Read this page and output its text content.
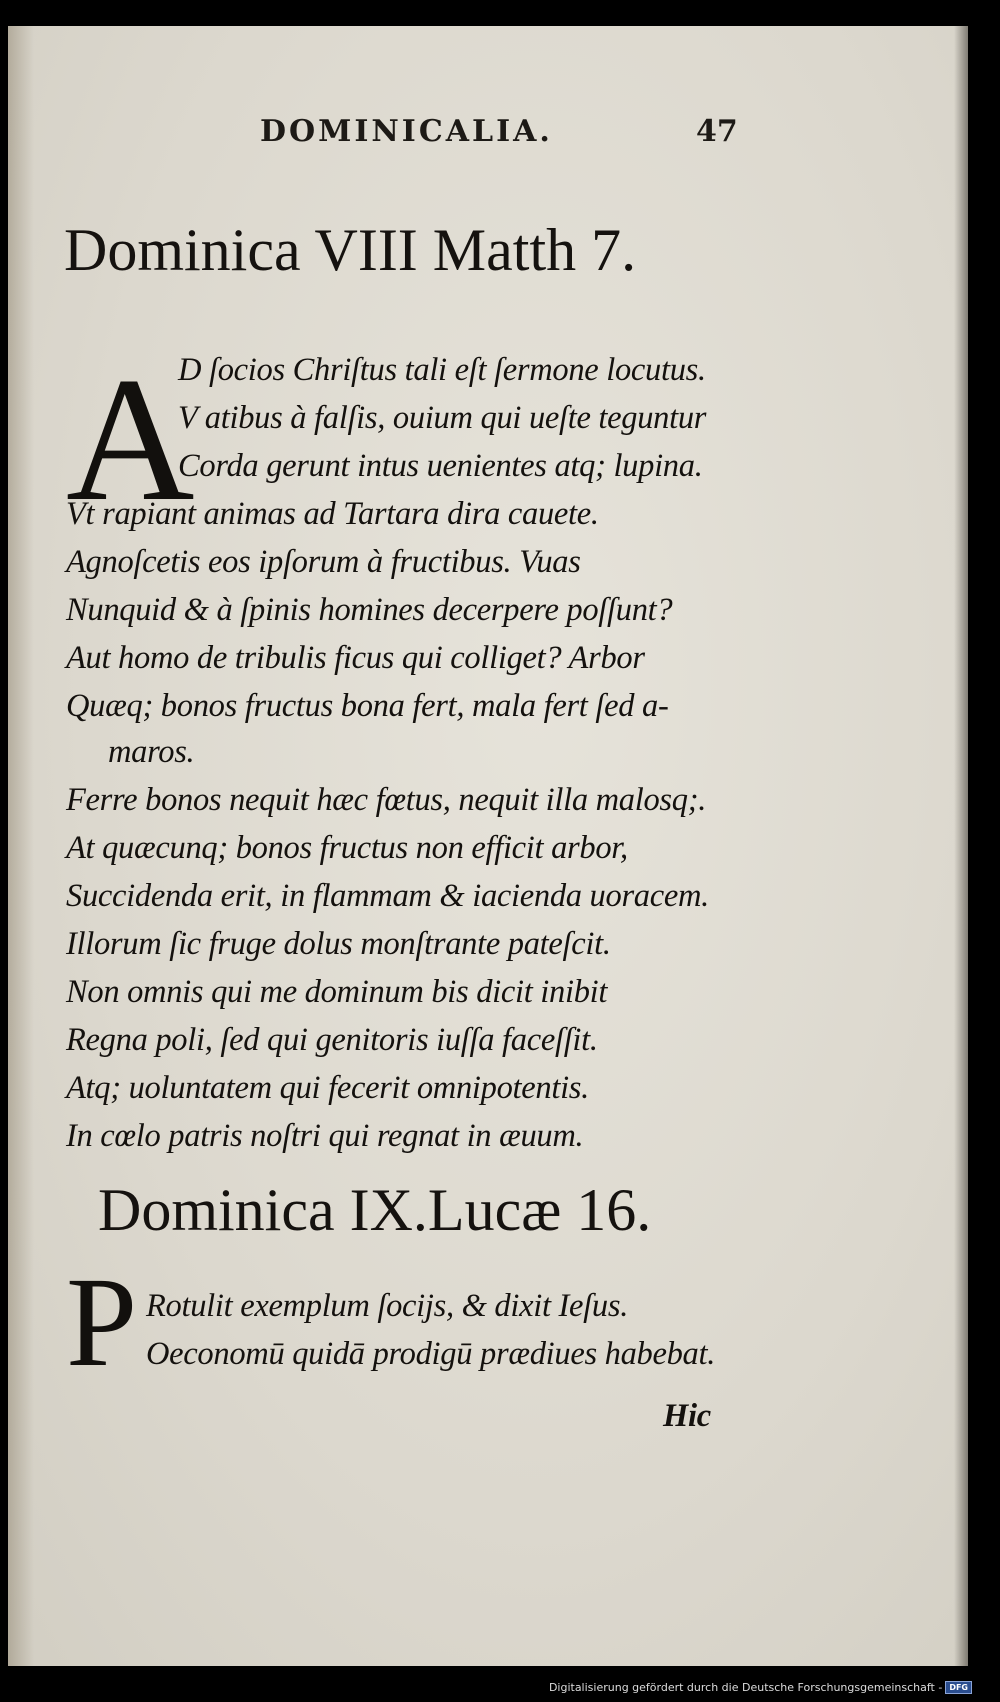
DOMINICALIA.	47
Dominica VIII Matth 7.
A
D ſocios Chriſtus tali eſt ſermone locutus.
V atibus à falſis, ouium qui ueſte teguntur
Corda gerunt intus uenientes atq; lupina.
Vt rapiant animas ad Tartara dira cauete.
Agnoſcetis eos ipſorum à fructibus. Vuas
Nunquid & à ſpinis homines decerpere poſſunt?
Aut homo de tribulis ficus qui colliget? Arbor
Quæq; bonos fructus bona fert, mala fert ſed a-
maros.
Ferre bonos nequit hæc fœtus, nequit illa malosq;.
At quæcunq; bonos fructus non efficit arbor,
Succidenda erit, in flammam & iacienda uoracem.
Illorum ſic fruge dolus monſtrante pateſcit.
Non omnis qui me dominum bis dicit inibit
Regna poli, ſed qui genitoris iuſſa faceſſit.
Atq; uoluntatem qui fecerit omnipotentis.
In cœlo patris noſtri qui regnat in æuum.
Dominica IX.Lucæ 16.
P Rotulit exemplum ſocijs, & dixit Ieſus.
Oeconomū quidā prodigū prædiues habebat.
Hic
Digitalisierung gefördert durch die Deutsche Forschungsgemeinschaft - DFG
